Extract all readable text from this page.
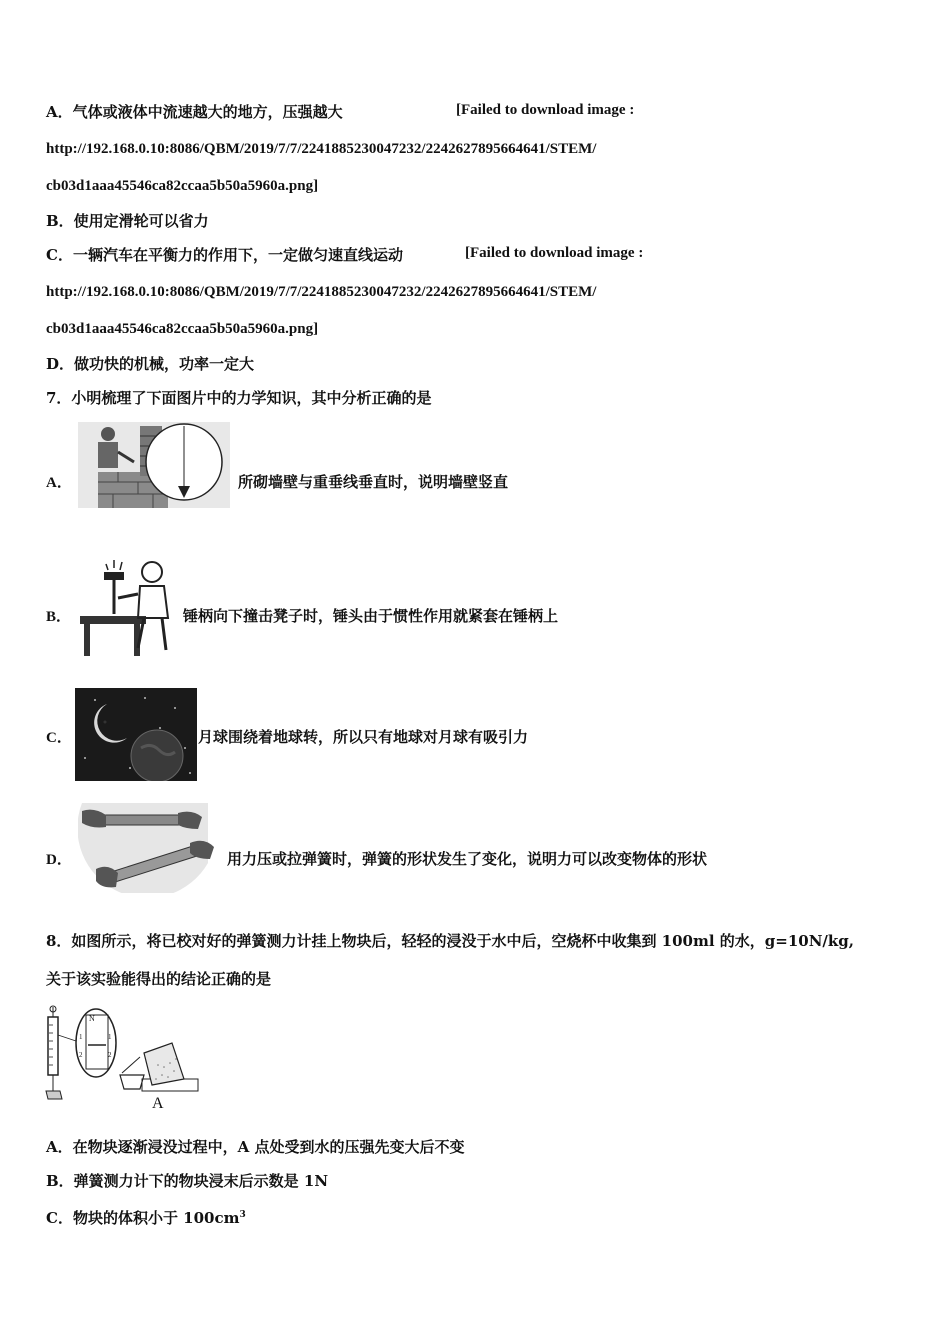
A．气体或液体中流速越大的地方，压强越大	[Failed to download image :
http://192.168.0.10:8086/QBM/2019/7/7/2241885230047232/2242627895664641/STEM/
cb03d1aaa45546ca82ccaa5b50a5960a.png]
B．使用定滑轮可以省力
C．一辆汽车在平衡力的作用下，一定做匀速直线运动	[Failed to download image :
http://192.168.0.10:8086/QBM/2019/7/7/2241885230047232/2242627895664641/STEM/
cb03d1aaa45546ca82ccaa5b50a5960a.png]
D．做功快的机械，功率一定大
7．小明梳理了下面图片中的力学知识，其中分析正确的是
A．	所砌墙壁与重垂线垂直时，说明墙壁竖直
B．	锤柄向下撞击凳子时，锤头由于惯性作用就紧套在锤柄上
C．	月球围绕着地球转，所以只有地球对月球有吸引力
D．	用力压或拉弹簧时，弹簧的形状发生了变化，说明力可以改变物体的形状
8．如图所示，将已校对好的弹簧测力计挂上物块后，轻轻的浸没于水中后，空烧杯中收集到 100ml 的水，g=10N/kg,
关于该实验能得出的结论正确的是
N
1
2
1
2
A
A．在物块逐渐浸没过程中，A 点处受到水的压强先变大后不变
B．弹簧测力计下的物块浸末后示数是 1N
C．物块的体积小于 $100cm^3$
